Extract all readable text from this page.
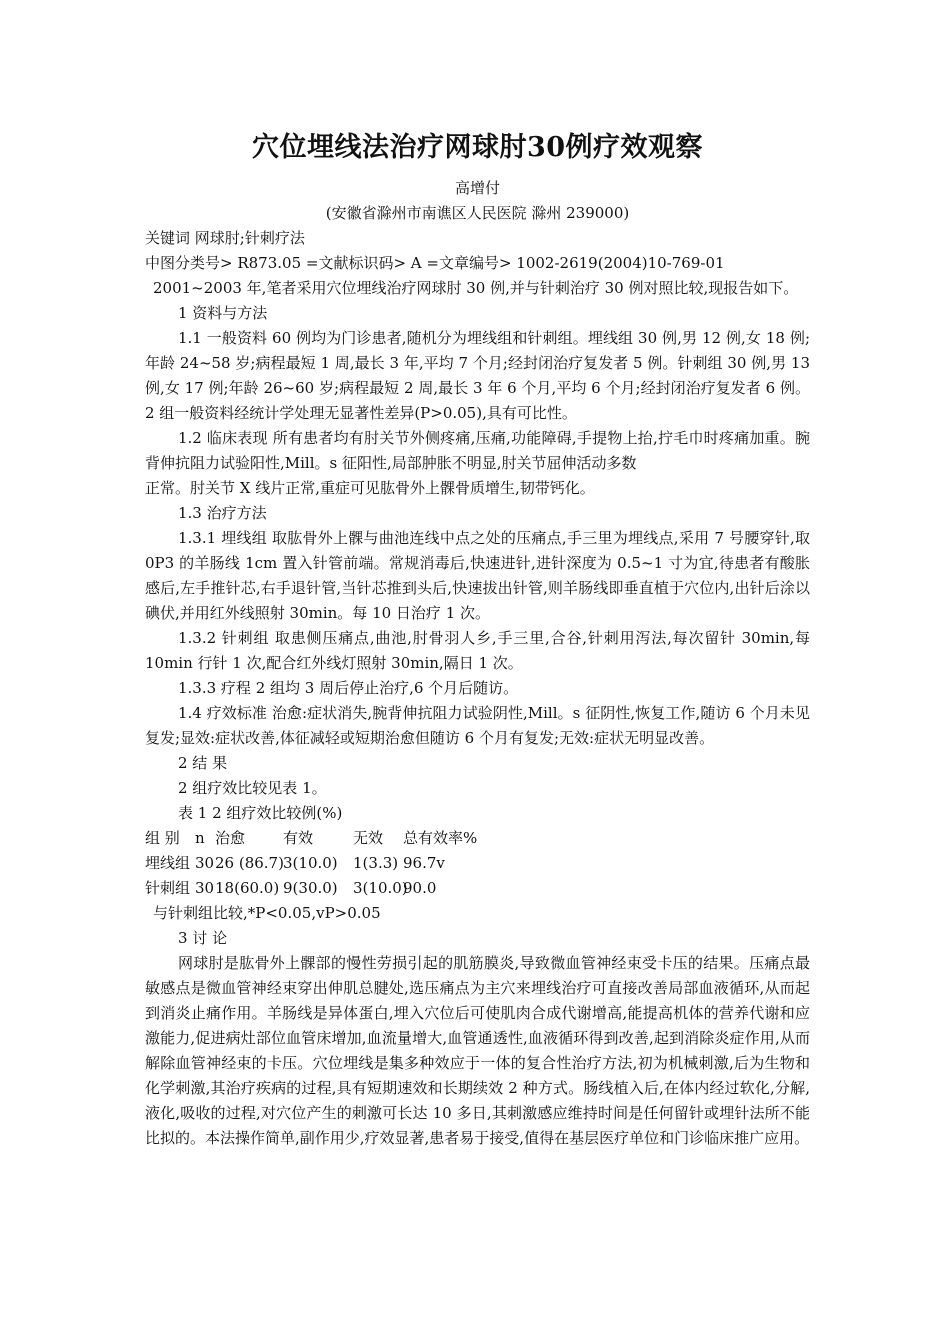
穴位埋线法治疗网球肘30例疗效观察
高增付
(安徽省滁州市南谯区人民医院 滁州 239000)
关键词 网球肘;针刺疗法
中图分类号> R873.05 =文献标识码> A =文章编号> 1002-2619(2004)10-769-01
2001~2003 年,笔者采用穴位埋线治疗网球肘 30 例,并与针刺治疗 30 例对照比较,现报告如下。
1 资料与方法
1.1 一般资料 60 例均为门诊患者,随机分为埋线组和针刺组。埋线组 30 例,男 12 例,女 18 例;年龄 24~58 岁;病程最短 1 周,最长 3 年,平均 7 个月;经封闭治疗复发者 5 例。针刺组 30 例,男 13 例,女 17 例;年龄 26~60 岁;病程最短 2 周,最长 3 年 6 个月,平均 6 个月;经封闭治疗复发者 6 例。2 组一般资料经统计学处理无显著性差异(P>0.05),具有可比性。
1.2 临床表现 所有患者均有肘关节外侧疼痛,压痛,功能障碍,手提物上抬,拧毛巾时疼痛加重。腕背伸抗阻力试验阳性,Mill。s 征阳性,局部肿胀不明显,肘关节屈伸活动多数
正常。肘关节 X 线片正常,重症可见肱骨外上髁骨质增生,韧带钙化。
1.3 治疗方法
1.3.1 埋线组 取肱骨外上髁与曲池连线中点之处的压痛点,手三里为埋线点,采用 7 号腰穿针,取 0P3 的羊肠线 1cm 置入针管前端。常规消毒后,快速进针,进针深度为 0.5~1 寸为宜,待患者有酸胀感后,左手推针芯,右手退针管,当针芯推到头后,快速拔出针管,则羊肠线即垂直植于穴位内,出针后涂以碘伏,并用红外线照射 30min。每 10 日治疗 1 次。
1.3.2 针刺组 取患侧压痛点,曲池,肘骨羽人乡,手三里,合谷,针刺用泻法,每次留针 30min,每 10min 行针 1 次,配合红外线灯照射 30min,隔日 1 次。
1.3.3 疗程 2 组均 3 周后停止治疗,6 个月后随访。
1.4 疗效标准 治愈:症状消失,腕背伸抗阻力试验阴性,Mill。s 征阴性,恢复工作,随访 6 个月未见复发;显效:症状改善,体征减轻或短期治愈但随访 6 个月有复发;无效:症状无明显改善。
2 结 果
2 组疗效比较见表 1。
表 1 2 组疗效比较例(%)
组 别 n 治愈	有效	无效 总有效率%
埋线组 3026 (86.7)3(10.0) 1(3.3) 96.7v
针刺组 3018(60.0) 9(30.0) 3(10.0)90.0
与针刺组比较,*P<0.05,vP>0.05
3 讨 论
网球肘是肱骨外上髁部的慢性劳损引起的肌筋膜炎,导致微血管神经束受卡压的结果。压痛点最敏感点是微血管神经束穿出伸肌总腱处,选压痛点为主穴来埋线治疗可直接改善局部血液循环,从而起到消炎止痛作用。羊肠线是异体蛋白,埋入穴位后可使肌肉合成代谢增高,能提高机体的营养代谢和应激能力,促进病灶部位血管床增加,血流量增大,血管通透性,血液循环得到改善,起到消除炎症作用,从而解除血管神经束的卡压。穴位埋线是集多种效应于一体的复合性治疗方法,初为机械刺激,后为生物和化学刺激,其治疗疾病的过程,具有短期速效和长期续效 2 种方式。肠线植入后,在体内经过软化,分解,液化,吸收的过程,对穴位产生的刺激可长达 10 多日,其刺激感应维持时间是任何留针或埋针法所不能比拟的。本法操作简单,副作用少,疗效显著,患者易于接受,值得在基层医疗单位和门诊临床推广应用。
